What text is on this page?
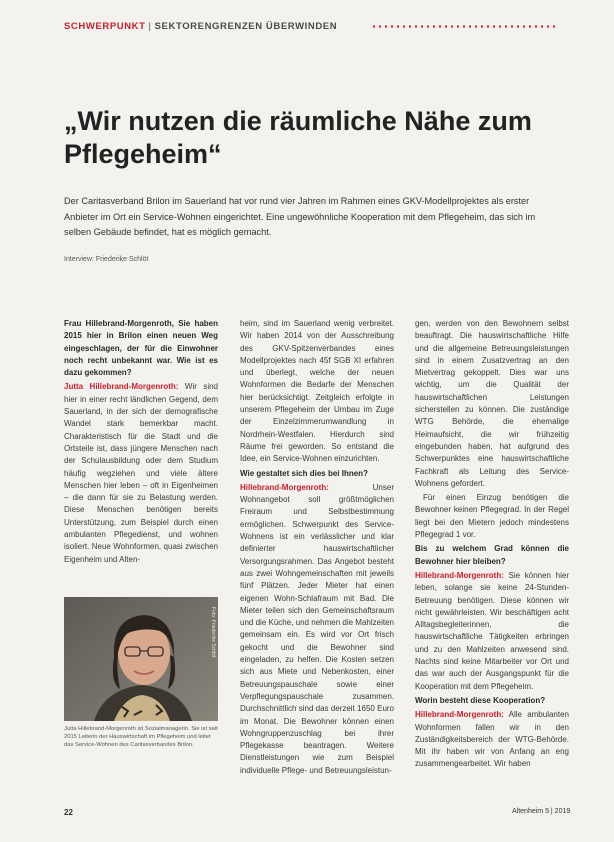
SCHWERPUNKT | SEKTORENGRENZEN ÜBERWINDEN
„Wir nutzen die räumliche Nähe zum Pflegeheim“
Der Caritasverband Brilon im Sauerland hat vor rund vier Jahren im Rahmen eines GKV-Modellprojektes als erster Anbieter im Ort ein Service-Wohnen eingerichtet. Eine ungewöhnliche Kooperation mit dem Pflegeheim, das sich im selben Gebäude befindet, hat es möglich gemacht.
Interview: Friederike Schlöt

Frau Hillebrand-Morgenroth, Sie haben 2015 hier in Brilon einen neuen Weg eingeschlagen, der für die Einwohner noch recht unbekannt war. Wie ist es dazu gekommen?

Jutta Hillebrand-Morgenroth: Wir sind hier in einer recht ländlichen Gegend, dem Sauerland, in der sich der demografische Wandel stark bemerkbar macht. Charakteristisch für die Stadt und die Ortsteile ist, dass jüngere Menschen nach der Schulausbildung oder dem Studium häufig wegziehen und viele ältere Menschen hier leben – oft in Eigenheimen – die dann für sie zu Belastung werden. Diese Menschen benötigen bereits Unterstützung, zum Beispiel durch einen ambulanten Pflegedienst, und wohnen isoliert. Neue Wohnformen, quasi zwischen Eigenheim und Alten-

Foto: Friederike Schlöt
Jutta Hillebrand-Morgenroth ist Sozialmanagerin. Sie ist seit 2015 Leiterin der Hauswirtschaft im Pflegeheim und leitet das Service-Wohnen des Caritasverbandes Brilon.

heim, sind im Sauerland wenig verbreitet. Wir haben 2014 von der Ausschreibung des GKV-Spitzenverbandes eines Modellprojektes nach 45f SGB XI erfahren und überlegt, welche der neuen Wohnformen die Bedarfe der Menschen hier berücksichtigt. Zeitgleich erfolgte in unserem Pflegeheim der Umbau im Zuge der Einzelzimmerumwandlung in Nordrhein-Westfalen. Hierdurch sind Räume frei geworden. So entstand die Idee, ein Service-Wohnen einzurichten.

Wie gestaltet sich dies bei Ihnen?

Hillebrand-Morgenroth:	Unser Wohnangebot soll größtmöglichen Freiraum und Selbstbestimmung ermöglichen. Schwerpunkt des Service-Wohnens ist ein verlässlicher und klar definierter hauswirtschaftlicher Versorgungsrahmen. Das Angebot besteht aus zwei Wohngemeinschaften mit jeweils fünf Plätzen. Jeder Mieter hat einen eigenen Wohn-Schlafraum mit Bad. Die Mieter teilen sich den Gemeinschaftsraum und die Küche, und nehmen die Mahlzeiten gemeinsam ein. Es wird vor Ort frisch gekocht und die Bewohner sind eingeladen, zu helfen. Die Kosten setzen sich aus Miete und Nebenkosten, einer Betreuungspauschale sowie einer Verpflegungspauschale zusammen. Durchschnittlich sind das derzeit 1650 Euro im Monat. Die Bewohner können einen Wohngruppenzuschlag bei ihrer Pflegekasse beantragen. Weitere Dienstleistungen wie zum Beispiel individuelle Pflege- und Betreuungsleistun-

gen, werden von den Bewohnern selbst beauftragt. Die hauswirtschaftliche Hilfe und die allgemeine Betreuungsleistungen sind in einem Zusatzvertrag an den Mietvertrag gekoppelt. Dies war uns wichtig, um die Qualität der hauswirtschaftlichen Leistungen sicherstellen zu können. Die zuständige WTG Behörde, die ehemalige Heimaufsicht, die wir frühzeitig eingebunden haben, hat aufgrund des Schwerpunktes eine hauswirtschaftliche Fachkraft als Leitung des Service-Wohnens gefordert.

Für einen Einzug benötigen die Bewohner keinen Pflegegrad. In der Regel liegt bei den Mietern jedoch mindestens Pflegegrad 1 vor.

Bis zu welchem Grad können die Bewohner hier bleiben?

Hillebrand-Morgenroth: Sie können hier leben, solange sie keine 24-Stunden-Betreuung benötigen. Diese können wir nicht gewährleisten. Wir beschäftigen acht Alltagsbegleiterinnen, die hauswirtschaftliche Tätigkeiten erbringen und zu den Mahlzeiten anwesend sind. Nachts sind keine Mitarbeiter vor Ort und das war auch der Ausgangspunkt für die Kooperation mit dem Pflegeheim.

Worin besteht diese Kooperation?

Hillebrand-Morgenroth: Alle ambulanten Wohnformen fallen wir in den Zuständigkeitsbereich der WTG-Behörde. Mit ihr haben wir von Anfang an eng zusammengearbeitet. Wir haben

22	Altenheim 5 | 2019
